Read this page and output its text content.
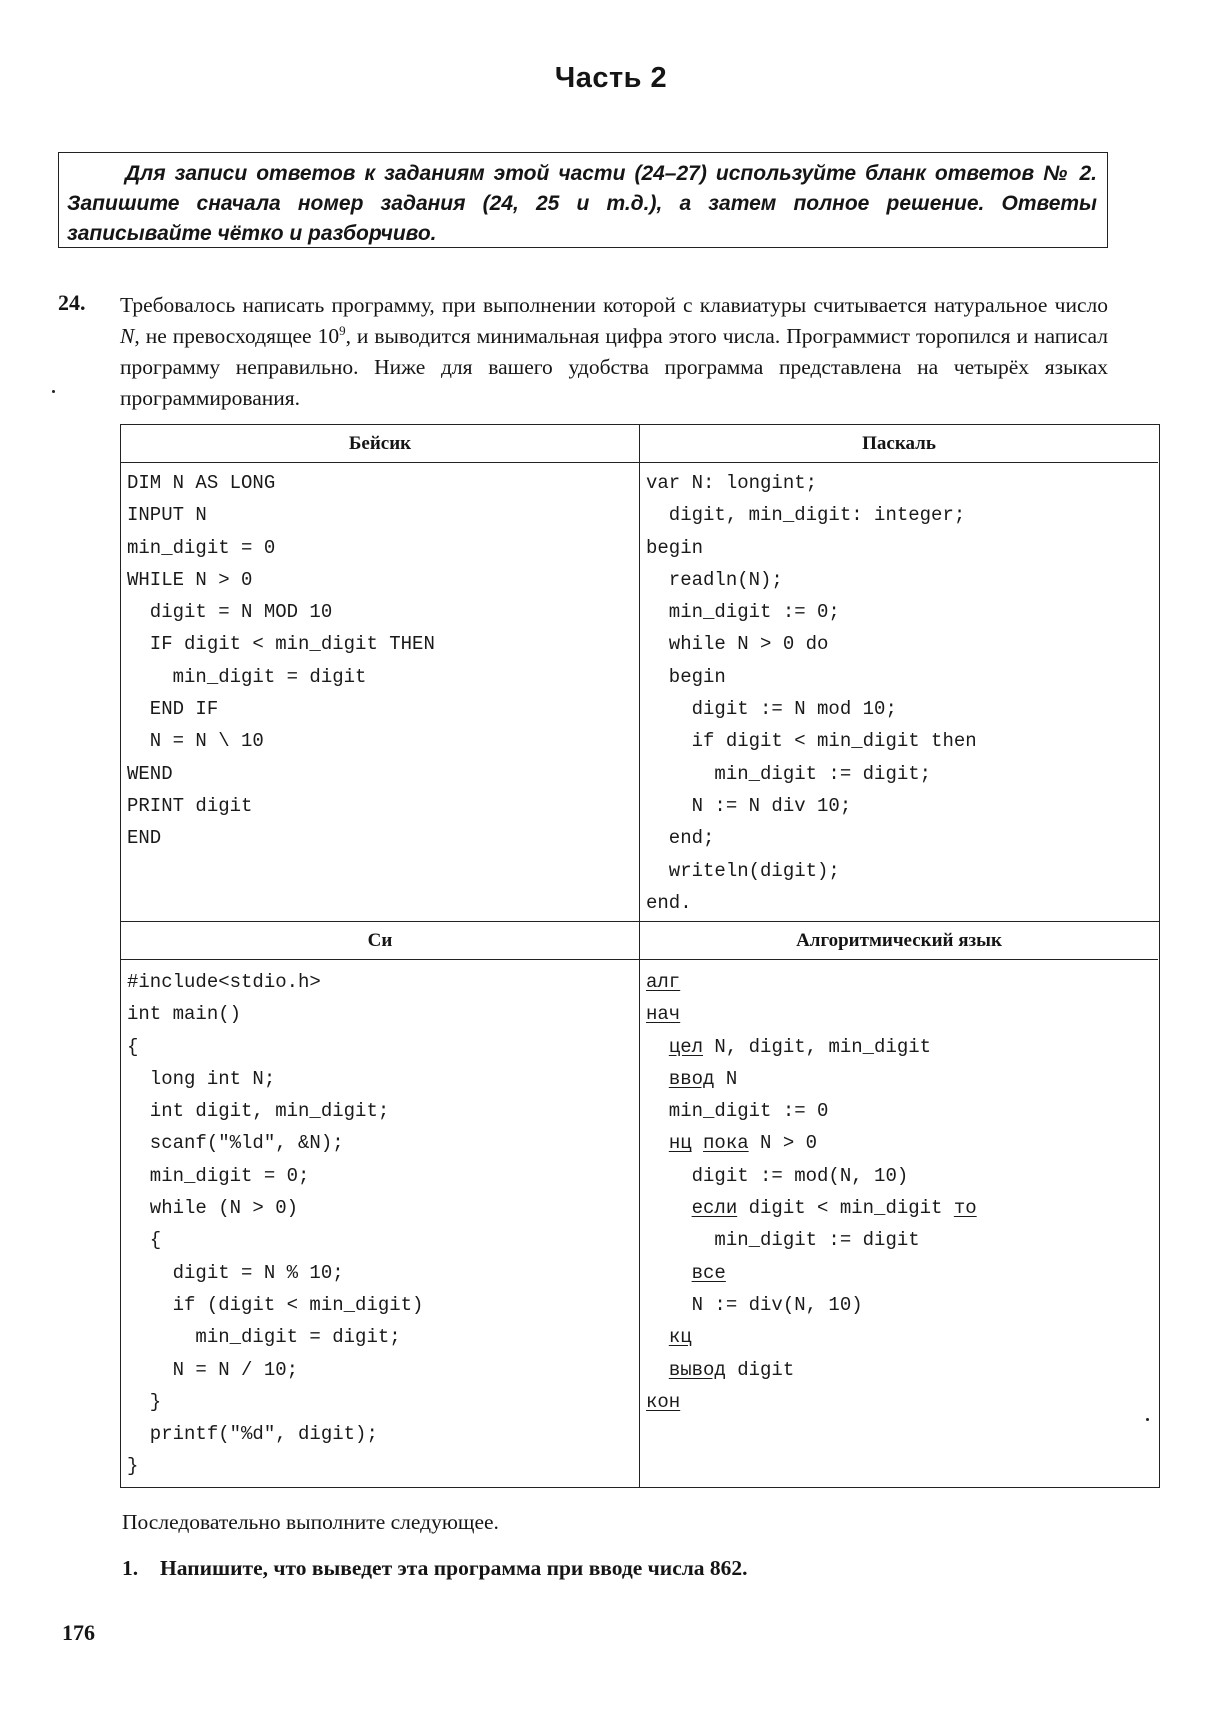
Часть 2
Для записи ответов к заданиям этой части (24–27) используйте бланк ответов № 2. Запишите сначала номер задания (24, 25 и т.д.), а затем полное решение. Ответы записывайте чётко и разборчиво.
24. Требовалось написать программу, при выполнении которой с клавиатуры считывается натуральное число N, не превосходящее $10^9$, и выводится минимальная цифра этого числа. Программист торопился и написал программу неправильно. Ниже для вашего удобства программа представлена на четырёх языках программирования.
Бейсик	Паскаль
DIM N AS LONG
INPUT N
min_digit = 0
WHILE N > 0
digit = N MOD 10
IF digit < min_digit THEN
min_digit = digit
END IF
N = N \ 10
WEND
PRINT digit
END
var N: longint;
digit, min_digit: integer;
begin
readln(N);
min_digit := 0;
while N > 0 do
begin
digit := N mod 10;
if digit < min_digit then
min_digit := digit;
N := N div 10;
end;
writeln(digit);
end.
Си	Алгоритмический язык
#include<stdio.h>
int main()
{
long int N;
int digit, min_digit;
scanf("%ld", &N);
min_digit = 0;
while (N > 0)
{
digit = N % 10;
if (digit < min_digit)
min_digit = digit;
N = N / 10;
}
printf("%d", digit);
}
алг
нач
цел N, digit, min_digit
ввод N
min_digit := 0
нц пока N > 0
digit := mod(N, 10)
если digit < min_digit то
min_digit := digit
все
N := div(N, 10)
кц
вывод digit
кон
Последовательно выполните следующее.
1. Напишите, что выведет эта программа при вводе числа 862.
176
